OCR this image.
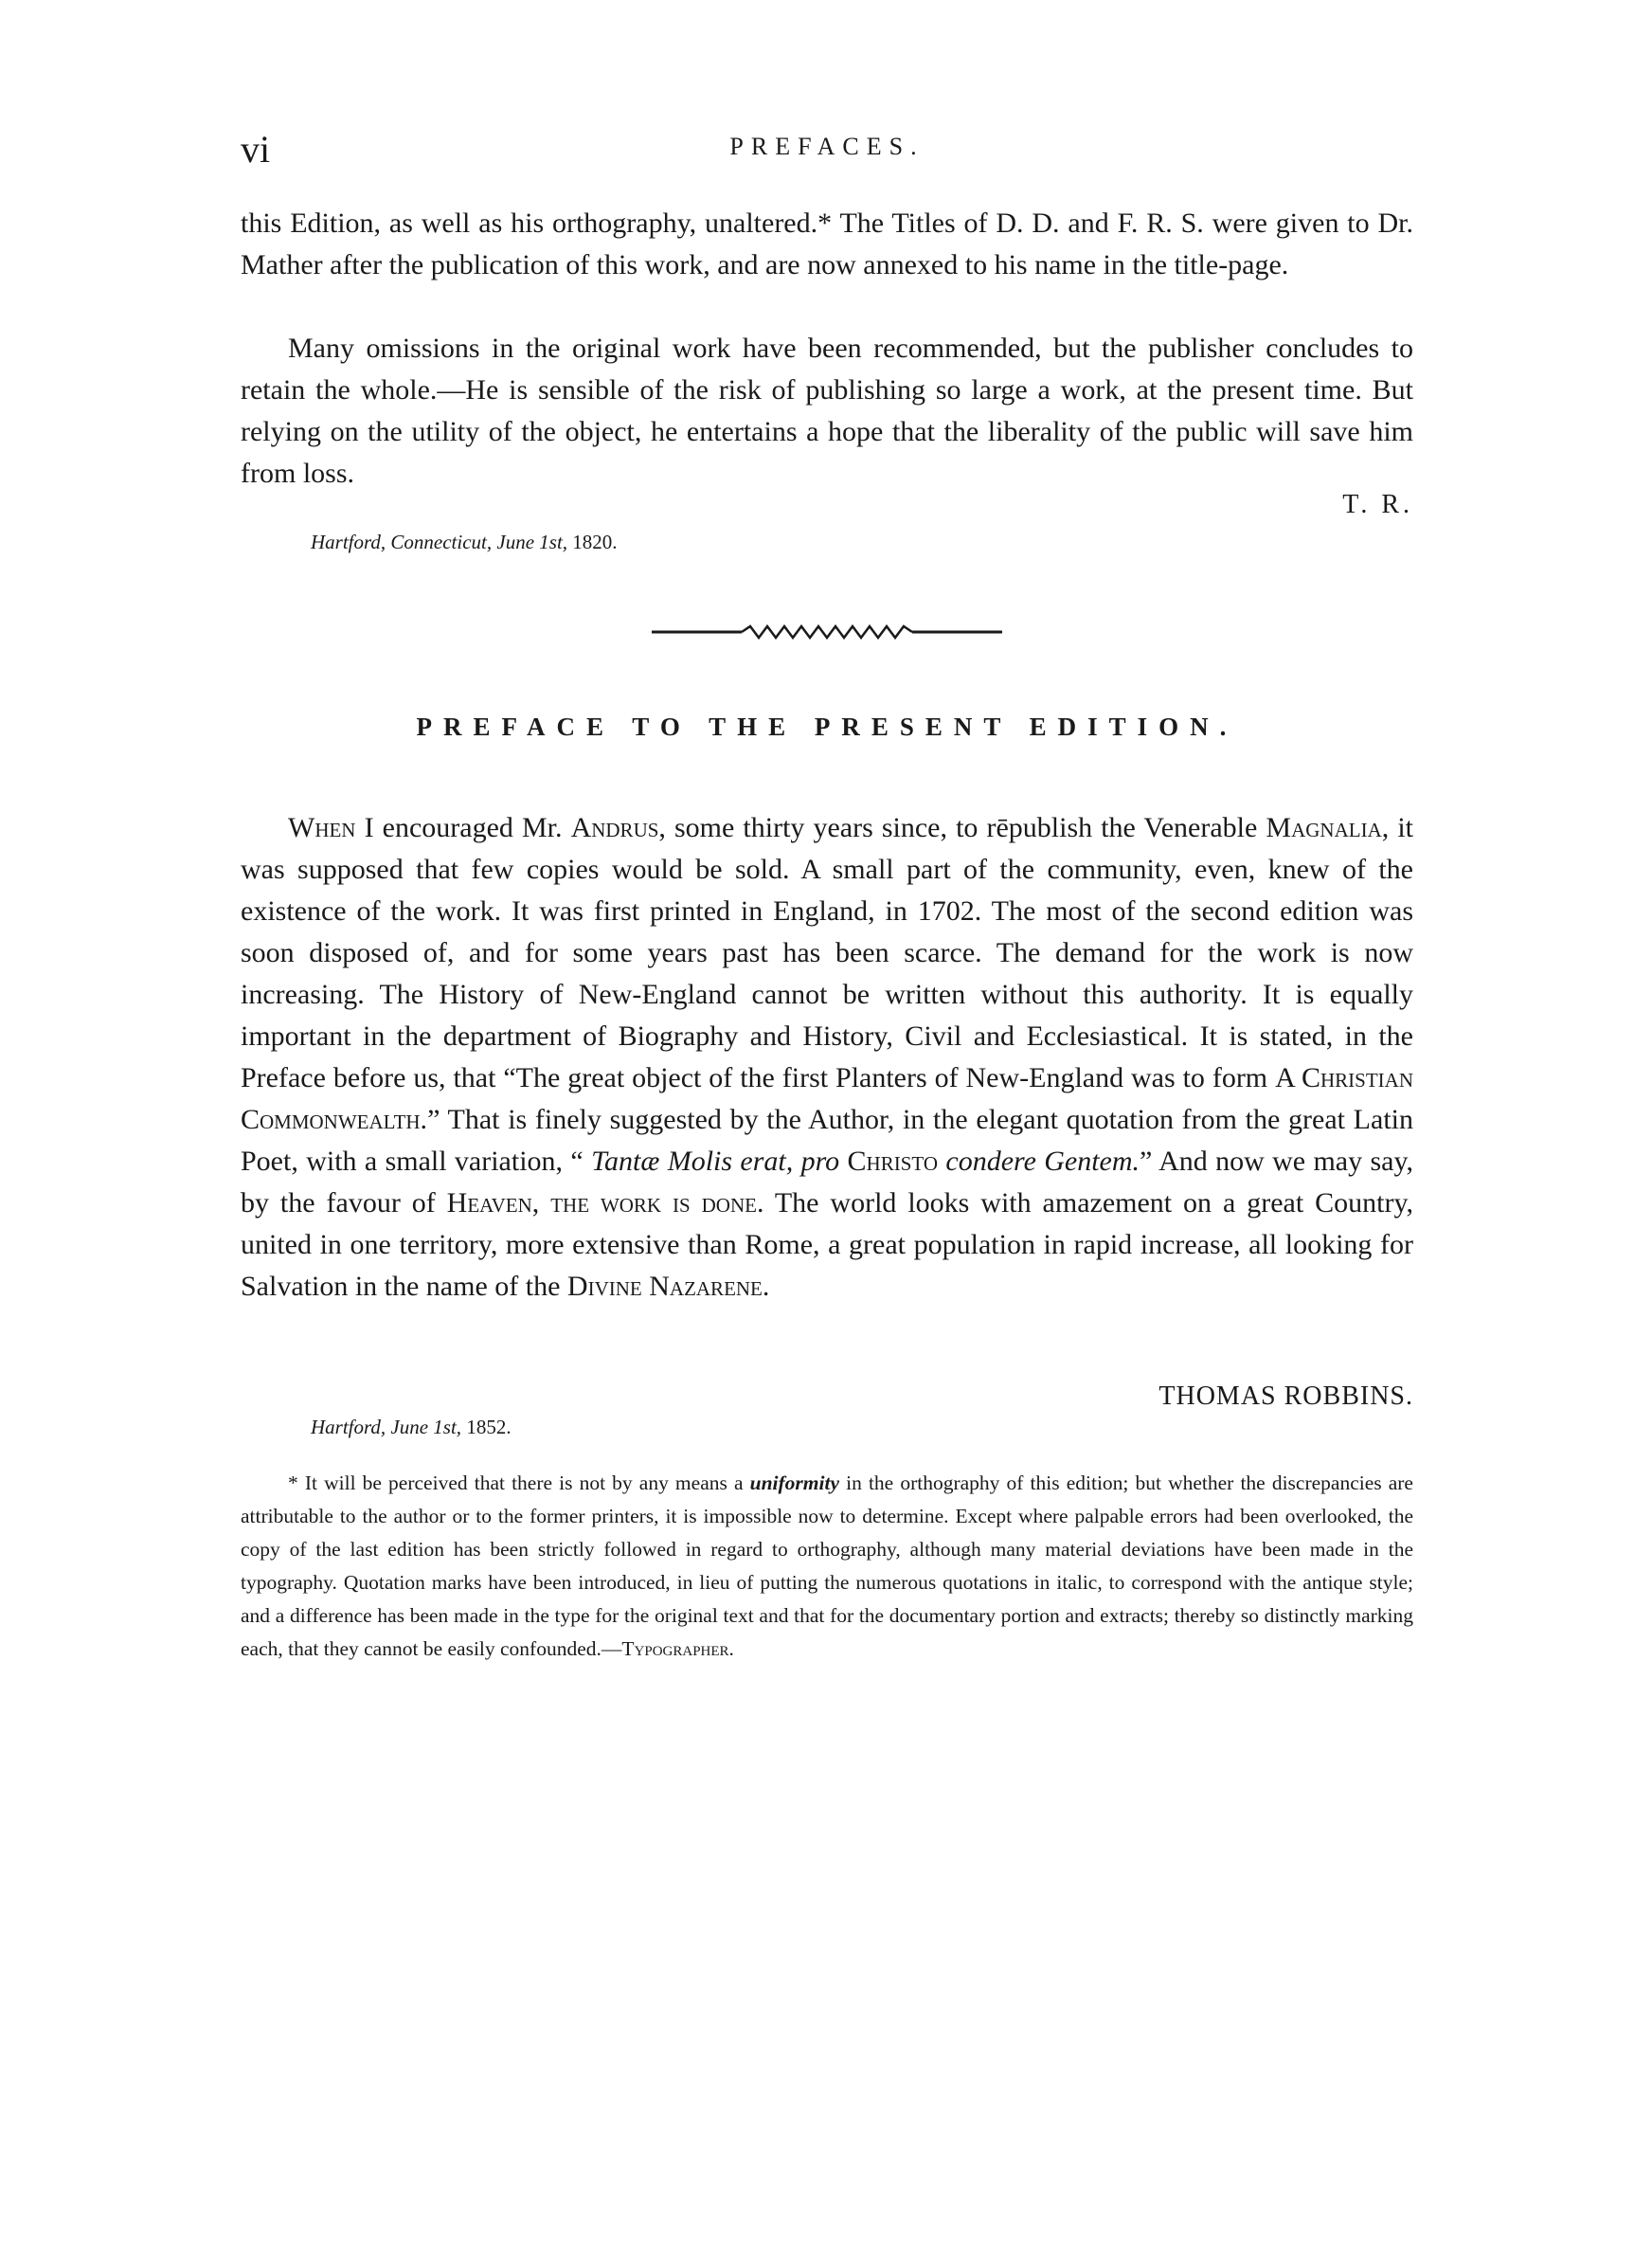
vi	PREFACES.

this Edition, as well as his orthography, unaltered.* The Titles of D. D. and F. R. S. were given to Dr. Mather after the publication of this work, and are now annexed to his name in the title-page.

Many omissions in the original work have been recommended, but the publisher concludes to retain the whole.—He is sensible of the risk of publishing so large a work, at the present time. But relying on the utility of the object, he entertains a hope that the liberality of the public will save him from loss.

T. R.
Hartford, Connecticut, June 1st, 1820.
PREFACE TO THE PRESENT EDITION.

When I encouraged Mr. Andrus, some thirty years since, to rēpublish the Venerable Magnalia, it was supposed that few copies would be sold. A small part of the community, even, knew of the existence of the work. It was first printed in England, in 1702. The most of the second edition was soon disposed of, and for some years past has been scarce. The demand for the work is now increasing. The History of New-England cannot be written without this authority. It is equally important in the department of Biography and History, Civil and Ecclesiastical. It is stated, in the Preface before us, that “The great object of the first Planters of New-England was to form A Christian Commonwealth.” That is finely suggested by the Author, in the elegant quotation from the great Latin Poet, with a small variation, “ Tantæ Molis erat, pro Christo condere Gentem.” And now we may say, by the favour of Heaven, the work is done. The world looks with amazement on a great Country, united in one territory, more extensive than Rome, a great population in rapid increase, all looking for Salvation in the name of the Divine Nazarene.

THOMAS ROBBINS.
Hartford, June 1st, 1852.

* It will be perceived that there is not by any means a uniformity in the orthography of this edition; but whether the discrepancies are attributable to the author or to the former printers, it is impossible now to determine. Except where palpable errors had been overlooked, the copy of the last edition has been strictly followed in regard to orthography, although many material deviations have been made in the typography. Quotation marks have been introduced, in lieu of putting the numerous quotations in italic, to correspond with the antique style; and a difference has been made in the type for the original text and that for the documentary portion and extracts; thereby so distinctly marking each, that they cannot be easily confounded.—Typographer.
